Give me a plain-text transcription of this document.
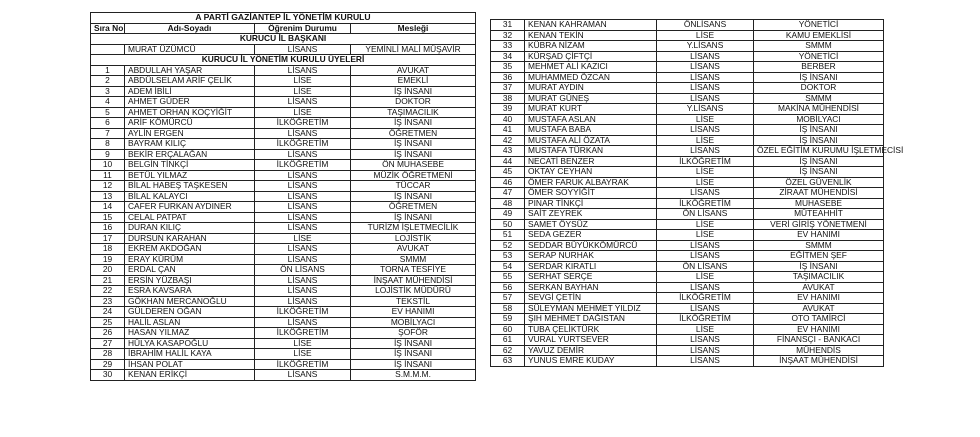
A PARTİ GAZİANTEP İL YÖNETİM KURULU			
Sıra No	Adı-Soyadı	Öğrenim Durumu	Mesleği
KURUCU İL BAŞKANI			
	MURAT ÜZÜMCÜ	LİSANS	YEMİNLİ MALİ MÜŞAVİR
KURUCU İL YÖNETİM KURULU ÜYELERİ			
1	ABDULLAH YAŞAR	LİSANS	AVUKAT
2	ABDÜLSELAM ARİF ÇELİK	LİSE	EMEKLİ
3	ADEM İBİLİ	LİSE	İŞ İNSANI
4	AHMET GÜDER	LİSANS	DOKTOR
5	AHMET ORHAN KOÇYİĞİT	LİSE	TAŞIMACILIK
6	ARİF KÖMÜRCÜ	İLKÖĞRETİM	İŞ İNSANI
7	AYLİN ERGEN	LİSANS	ÖĞRETMEN
8	BAYRAM KILIÇ	İLKÖĞRETİM	İŞ İNSANI
9	BEKİR ERÇALAĞAN	LİSANS	İŞ İNSANI
10	BELGİN TİNKÇİ	İLKÖĞRETİM	ÖN MUHASEBE
11	BETÜL YILMAZ	LİSANS	MÜZİK ÖĞRETMENİ
12	BİLAL HABEŞ TAŞKESEN	LİSANS	TÜCCAR
13	BİLAL KALAYCI	LİSANS	İŞ İNSANI
14	CAFER FURKAN AYDINER	LİSANS	ÖĞRETMEN
15	CELAL PATPAT	LİSANS	İŞ İNSANI
16	DURAN KILIÇ	LİSANS	TURİZM İŞLETMECİLİK
17	DURSUN KARAHAN	LİSE	LOJİSTİK
18	EKREM AKDOĞAN	LİSANS	AVUKAT
19	ERAY KÜRÜM	LİSANS	SMMM
20	ERDAL ÇAN	ÖN LİSANS	TORNA TESFİYE
21	ERSİN YÜZBAŞI	LİSANS	İNŞAAT MÜHENDİSİ
22	ESRA KAVSARA	LİSANS	LOJİSTİK MÜDÜRÜ
23	GÖKHAN MERCANOĞLU	LİSANS	TEKSTİL
24	GÜLDEREN OĞAN	İLKÖĞRETİM	EV HANIMI
25	HALİL ASLAN	LİSANS	MOBİLYACI
26	HASAN YILMAZ	İLKÖĞRETİM	ŞOFÖR
27	HÜLYA KASAPOĞLU	LİSE	İŞ İNSANI
28	İBRAHİM HALİL KAYA	LİSE	İŞ İNSANI
29	İHSAN POLAT	İLKÖĞRETİM	İŞ İNSANI
30	KENAN ERİKÇİ	LİSANS	S.M.M.M.
31	KENAN KAHRAMAN	ÖNLİSANS	YÖNETİCİ
32	KENAN TEKİN	LİSE	KAMU EMEKLİSİ
33	KÜBRA NİZAM	Y.LİSANS	SMMM
34	KÜRŞAD ÇİFTÇİ	LİSANS	YÖNETİCİ
35	MEHMET ALİ KAZICI	LİSANS	BERBER
36	MUHAMMED ÖZCAN	LİSANS	İŞ İNSANI
37	MURAT AYDIN	LİSANS	DOKTOR
38	MURAT GÜNEŞ	LİSANS	SMMM
39	MURAT KURT	Y.LİSANS	MAKİNA MÜHENDİSİ
40	MUSTAFA ASLAN	LİSE	MOBİLYACI
41	MUSTAFA BABA	LİSANS	İŞ İNSANI
42	MUSTAFA ALİ ÖZATA	LİSE	İŞ İNSANI
43	MUSTAFA TÜRKAN	LİSANS	ÖZEL EĞİTİM KURUMU İŞLETMECİSİ
44	NECATİ BENZER	İLKÖĞRETİM	İŞ İNSANI
45	OKTAY CEYHAN	LİSE	İŞ İNSANI
46	ÖMER FARUK ALBAYRAK	LİSE	ÖZEL GÜVENLİK
47	ÖMER SOYYİĞİT	LİSANS	ZİRAAT MÜHENDİSİ
48	PINAR TİNKÇİ	İLKÖĞRETİM	MUHASEBE
49	SAİT ZEYREK	ÖN LİSANS	MÜTEAHHİT
50	SAMET ÖYSÜZ	LİSE	VERİ GİRİŞ YÖNETMENİ
51	SEDA GEZER	LİSE	EV HANIMI
52	SEDDAR BÜYÜKKÖMÜRCÜ	LİSANS	SMMM
53	SERAP NURHAK	LİSANS	EĞİTMEN ŞEF
54	SERDAR KIRATLI	ÖN LİSANS	İŞ İNSANI
55	SERHAT SERÇE	LİSE	TAŞIMACILIK
56	SERKAN BAYHAN	LİSANS	AVUKAT
57	SEVGİ ÇETİN	İLKÖĞRETİM	EV HANIMI
58	SÜLEYMAN MEHMET YILDIZ	LİSANS	AVUKAT
59	ŞIH MEHMET DAĞISTAN	İLKÖĞRETİM	OTO TAMİRCİ
60	TUBA ÇELİKTÜRK	LİSE	EV HANIMI
61	VURAL YURTSEVER	LİSANS	FİNANSÇI - BANKACI
62	YAVUZ DEMİR	LİSANS	MÜHENDİS
63	YUNUS EMRE KUDAY	LİSANS	İNŞAAT MÜHENDİSİ
